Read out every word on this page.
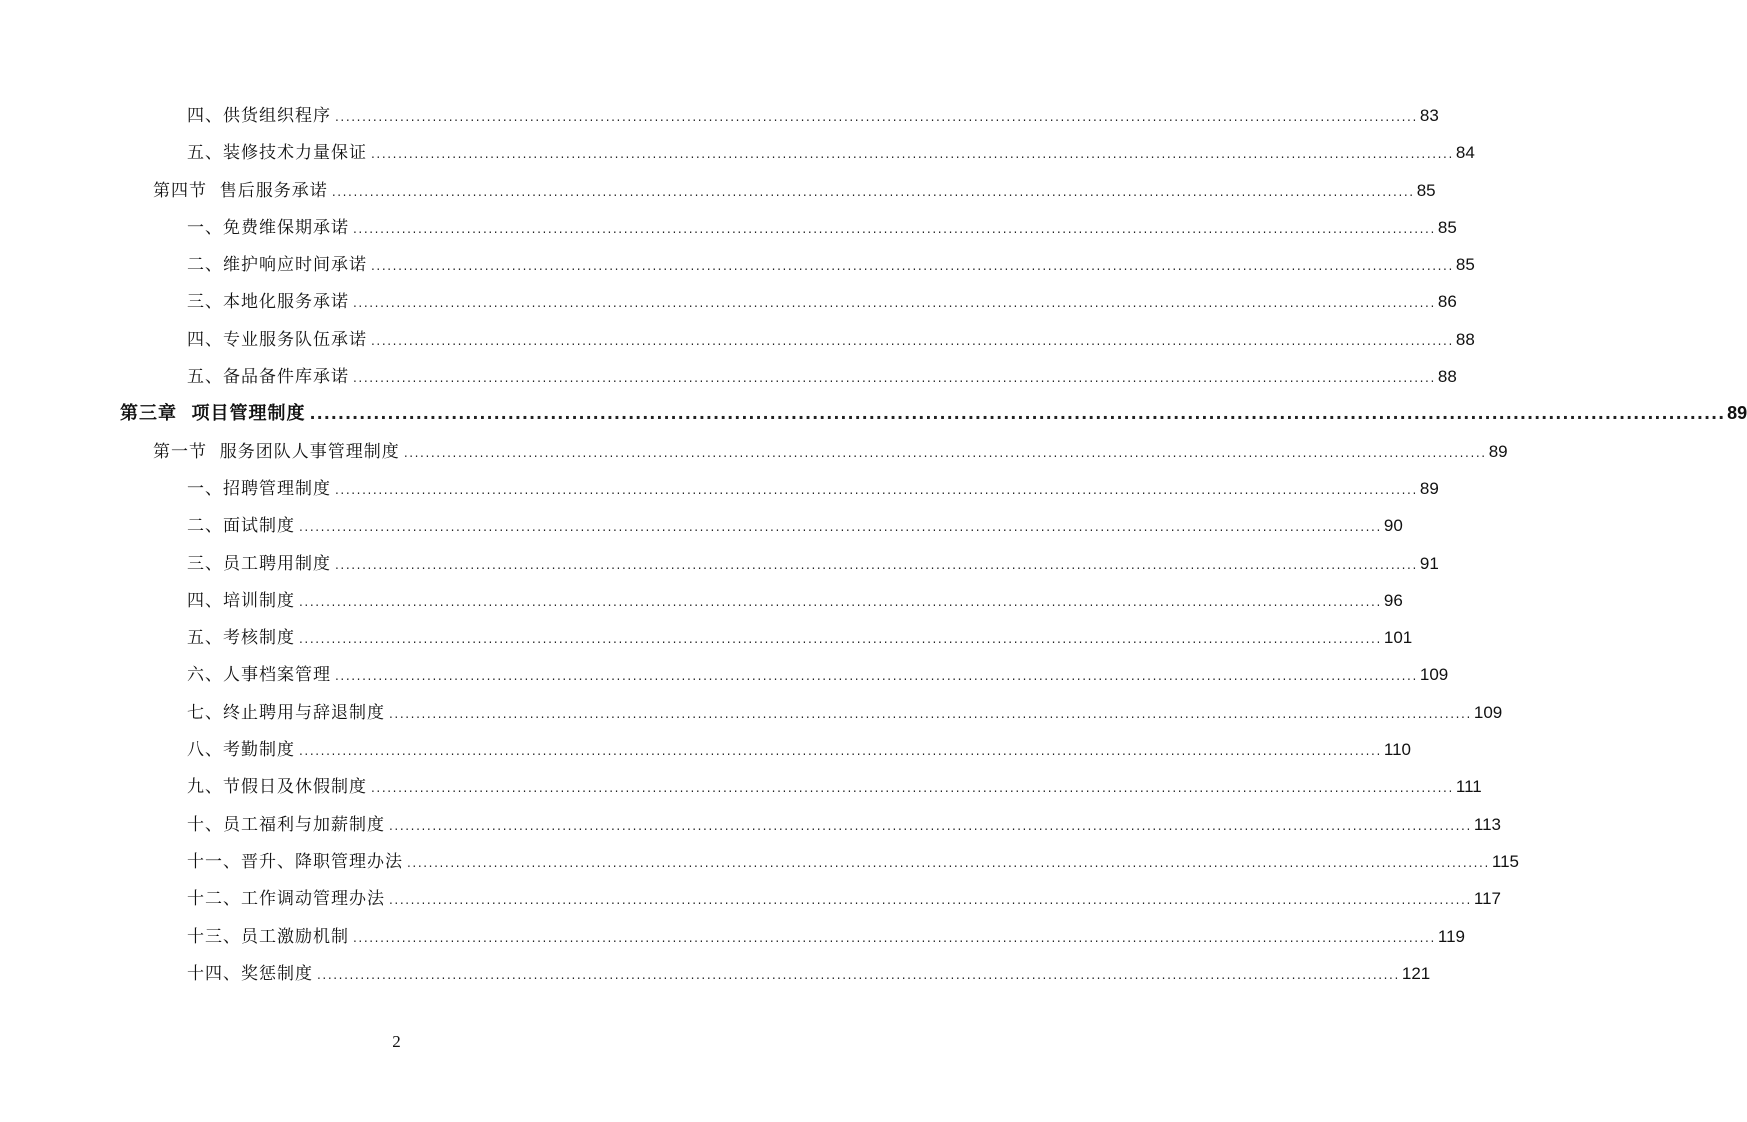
四、供货组织程序 ........................................................................................................................................................................................................ 83
五、装修技术力量保证 ........................................................................................................................................................................................................ 84
第四节  售后服务承诺 ........................................................................................................................................................................................................ 85
一、免费维保期承诺 ........................................................................................................................................................................................................ 85
二、维护响应时间承诺 ........................................................................................................................................................................................................ 85
三、本地化服务承诺 ........................................................................................................................................................................................................ 86
四、专业服务队伍承诺 ........................................................................................................................................................................................................ 88
五、备品备件库承诺 ........................................................................................................................................................................................................ 88
第三章  项目管理制度 ........................................................................................................................................................................................................ 89
第一节  服务团队人事管理制度 ........................................................................................................................................................................................................ 89
一、招聘管理制度 ........................................................................................................................................................................................................ 89
二、面试制度 ........................................................................................................................................................................................................ 90
三、员工聘用制度 ........................................................................................................................................................................................................ 91
四、培训制度 ........................................................................................................................................................................................................ 96
五、考核制度 ........................................................................................................................................................................................................ 101
六、人事档案管理 ........................................................................................................................................................................................................ 109
七、终止聘用与辞退制度 ........................................................................................................................................................................................................ 109
八、考勤制度 ........................................................................................................................................................................................................ 110
九、节假日及休假制度 ........................................................................................................................................................................................................ 111
十、员工福利与加薪制度 ........................................................................................................................................................................................................ 113
十一、晋升、降职管理办法 ........................................................................................................................................................................................................ 115
十二、工作调动管理办法 ........................................................................................................................................................................................................ 117
十三、员工激励机制 ........................................................................................................................................................................................................ 119
十四、奖惩制度 ........................................................................................................................................................................................................ 121
2
